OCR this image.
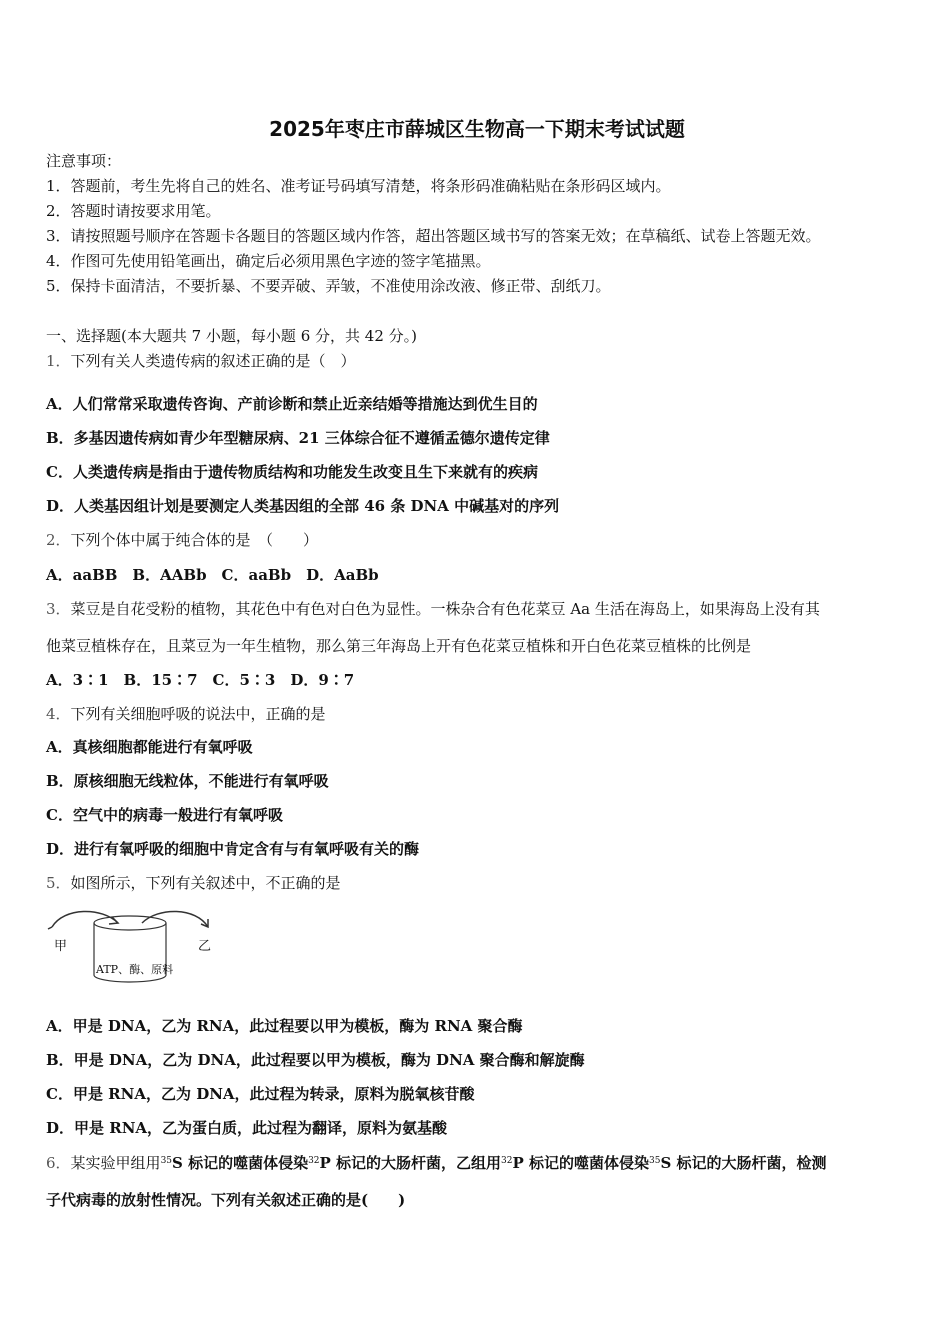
2025年枣庄市薛城区生物高一下期末考试试题
注意事项：
1．答题前，考生先将自己的姓名、准考证号码填写清楚，将条形码准确粘贴在条形码区域内。
2．答题时请按要求用笔。
3．请按照题号顺序在答题卡各题目的答题区域内作答，超出答题区域书写的答案无效；在草稿纸、试卷上答题无效。
4．作图可先使用铅笔画出，确定后必须用黑色字迹的签字笔描黑。
5．保持卡面清洁，不要折暴、不要弄破、弄皱，不准使用涂改液、修正带、刮纸刀。
一、选择题(本大题共 7 小题，每小题 6 分，共 42 分。)
1．下列有关人类遗传病的叙述正确的是（　）
A．人们常常采取遗传咨询、产前诊断和禁止近亲结婚等措施达到优生目的
B．多基因遗传病如青少年型糖尿病、21 三体综合征不遵循孟德尔遗传定律
C．人类遗传病是指由于遗传物质结构和功能发生改变且生下来就有的疾病
D．人类基因组计划是要测定人类基因组的全部 46 条 DNA 中碱基对的序列
2．下列个体中属于纯合体的是　（　　）
A．aaBB　B．AABb　C．aaBb　D．AaBb
3．菜豆是自花受粉的植物，其花色中有色对白色为显性。一株杂合有色花菜豆 Aa 生活在海岛上，如果海岛上没有其
他菜豆植株存在，且菜豆为一年生植物，那么第三年海岛上开有色花菜豆植株和开白色花菜豆植株的比例是
A．3∶1　B．15∶7　C．5∶3　D．9∶7
4．下列有关细胞呼吸的说法中，正确的是
A．真核细胞都能进行有氧呼吸
B．原核细胞无线粒体，不能进行有氧呼吸
C．空气中的病毒一般进行有氧呼吸
D．进行有氧呼吸的细胞中肯定含有与有氧呼吸有关的酶
5．如图所示，下列有关叙述中，不正确的是
甲	乙
ATP、酶、原料
A．甲是 DNA，乙为 RNA，此过程要以甲为模板，酶为 RNA 聚合酶
B．甲是 DNA，乙为 DNA，此过程要以甲为模板，酶为 DNA 聚合酶和解旋酶
C．甲是 RNA，乙为 DNA，此过程为转录，原料为脱氧核苷酸
D．甲是 RNA，乙为蛋白质，此过程为翻译，原料为氨基酸
6．某实验甲组用$^{35}$S 标记的噬菌体侵染$^{32}$P 标记的大肠杆菌，乙组用$^{32}$P 标记的噬菌体侵染$^{35}$S 标记的大肠杆菌，检测
子代病毒的放射性情况。下列有关叙述正确的是(　　)
